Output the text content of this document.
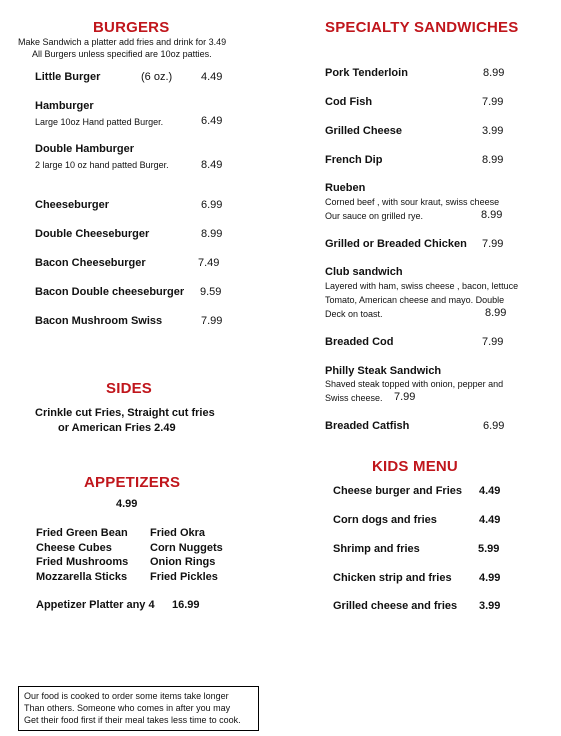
BURGERS
Make Sandwich a platter add fries and drink for 3.49
All Burgers unless specified are 10oz patties.
Little Burger	(6 oz.)	4.49
Hamburger
Large 10oz Hand patted Burger.	6.49
Double Hamburger
2 large 10 oz hand patted Burger.	8.49
Cheeseburger	6.99
Double Cheeseburger	8.99
Bacon Cheeseburger	7.49
Bacon Double cheeseburger 9.59
Bacon Mushroom Swiss	7.99
SIDES
Crinkle cut Fries, Straight cut fries
or American Fries 2.49
APPETIZERS
4.99
Fried Green Bean
Cheese Cubes
Fried Mushrooms
Mozzarella Sticks
Fried Okra
Corn Nuggets
Onion Rings
Fried Pickles
Appetizer Platter any 4 16.99
SPECIALTY SANDWICHES
Pork Tenderloin	8.99
Cod Fish	7.99
Grilled Cheese	3.99
French Dip	8.99
Rueben
Corned beef , with sour kraut, swiss cheese
Our sauce on grilled rye.	8.99
Grilled or Breaded Chicken 7.99
Club sandwich
Layered with ham, swiss cheese , bacon, lettuce
Tomato, American cheese and mayo. Double
Deck on toast.	8.99
Breaded Cod	7.99
Philly Steak Sandwich
Shaved steak topped with onion, pepper and
Swiss cheese. 7.99
Breaded Catfish	6.99
KIDS MENU
Cheese burger and Fries 4.49
Corn dogs and fries	4.49
Shrimp and fries	5.99
Chicken strip and fries 4.99
Grilled cheese and fries 3.99
Our food is cooked to order some items take longer
Than others. Someone who comes in after you may
Get their food first if their meal takes less time to cook.
